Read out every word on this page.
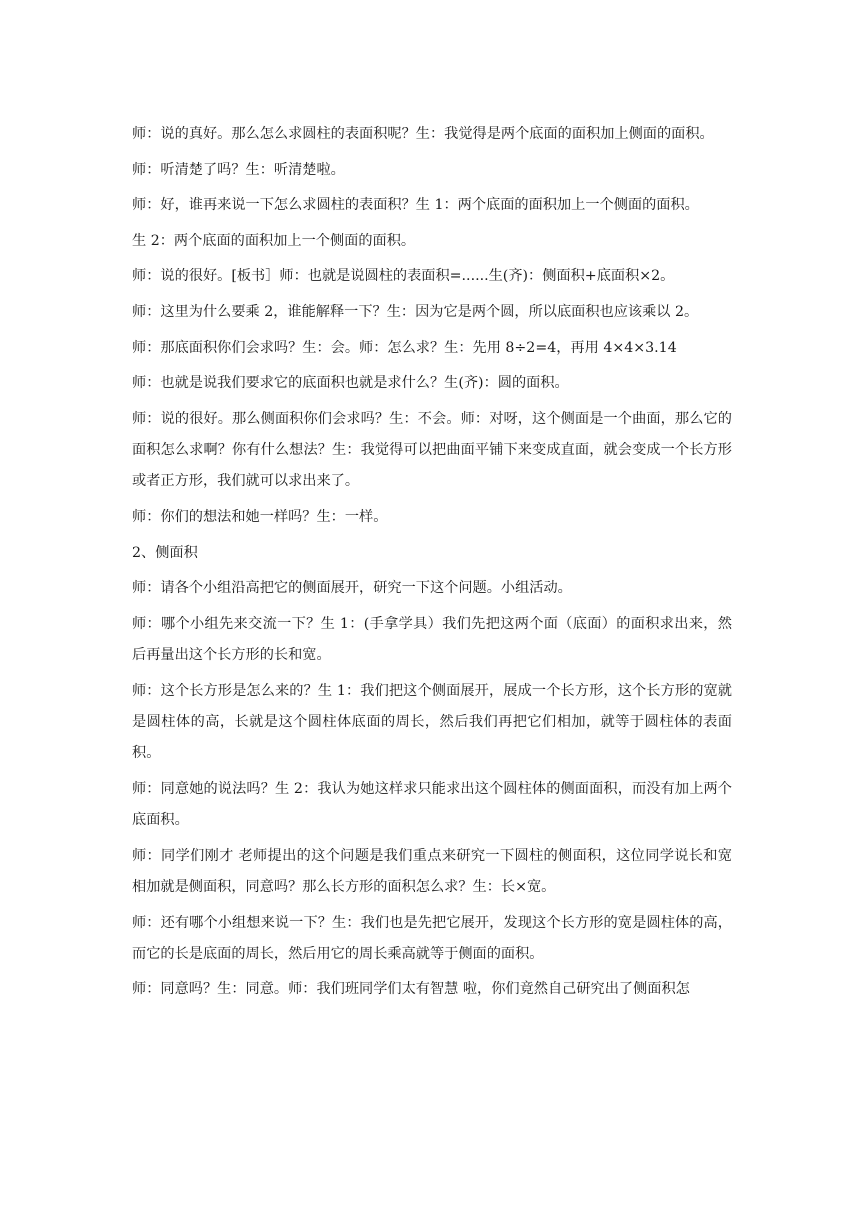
师：说的真好。那么怎么求圆柱的表面积呢？生：我觉得是两个底面的面积加上侧面的面积。

师：听清楚了吗？生：听清楚啦。

师：好，谁再来说一下怎么求圆柱的表面积？生 1：两个底面的面积加上一个侧面的面积。

生 2：两个底面的面积加上一个侧面的面积。

师：说的很好。[板书］师：也就是说圆柱的表面积=......生(齐)：侧面积+底面积×2。

师：这里为什么要乘 2，谁能解释一下？生：因为它是两个圆，所以底面积也应该乘以 2。

师：那底面积你们会求吗？生：会。师：怎么求？生：先用 8÷2=4，再用 4×4×3.14

师：也就是说我们要求它的底面积也就是求什么？生(齐)：圆的面积。

师：说的很好。那么侧面积你们会求吗？生：不会。师：对呀，这个侧面是一个曲面，那么它的面积怎么求啊？你有什么想法？生：我觉得可以把曲面平铺下来变成直面，就会变成一个长方形或者正方形，我们就可以求出来了。

师：你们的想法和她一样吗？生：一样。

2、侧面积

师：请各个小组沿高把它的侧面展开，研究一下这个问题。小组活动。

师：哪个小组先来交流一下？生 1：(手拿学具）我们先把这两个面（底面）的面积求出来，然后再量出这个长方形的长和宽。

师：这个长方形是怎么来的？生 1：我们把这个侧面展开，展成一个长方形，这个长方形的宽就是圆柱体的高，长就是这个圆柱体底面的周长，然后我们再把它们相加，就等于圆柱体的表面积。

师：同意她的说法吗？生 2：我认为她这样求只能求出这个圆柱体的侧面面积，而没有加上两个底面积。

师：同学们刚才 老师提出的这个问题是我们重点来研究一下圆柱的侧面积，这位同学说长和宽相加就是侧面积，同意吗？那么长方形的面积怎么求？生：长×宽。

师：还有哪个小组想来说一下？生：我们也是先把它展开，发现这个长方形的宽是圆柱体的高，而它的长是底面的周长，然后用它的周长乘高就等于侧面的面积。

师：同意吗？生：同意。师：我们班同学们太有智慧 啦，你们竟然自己研究出了侧面积怎
